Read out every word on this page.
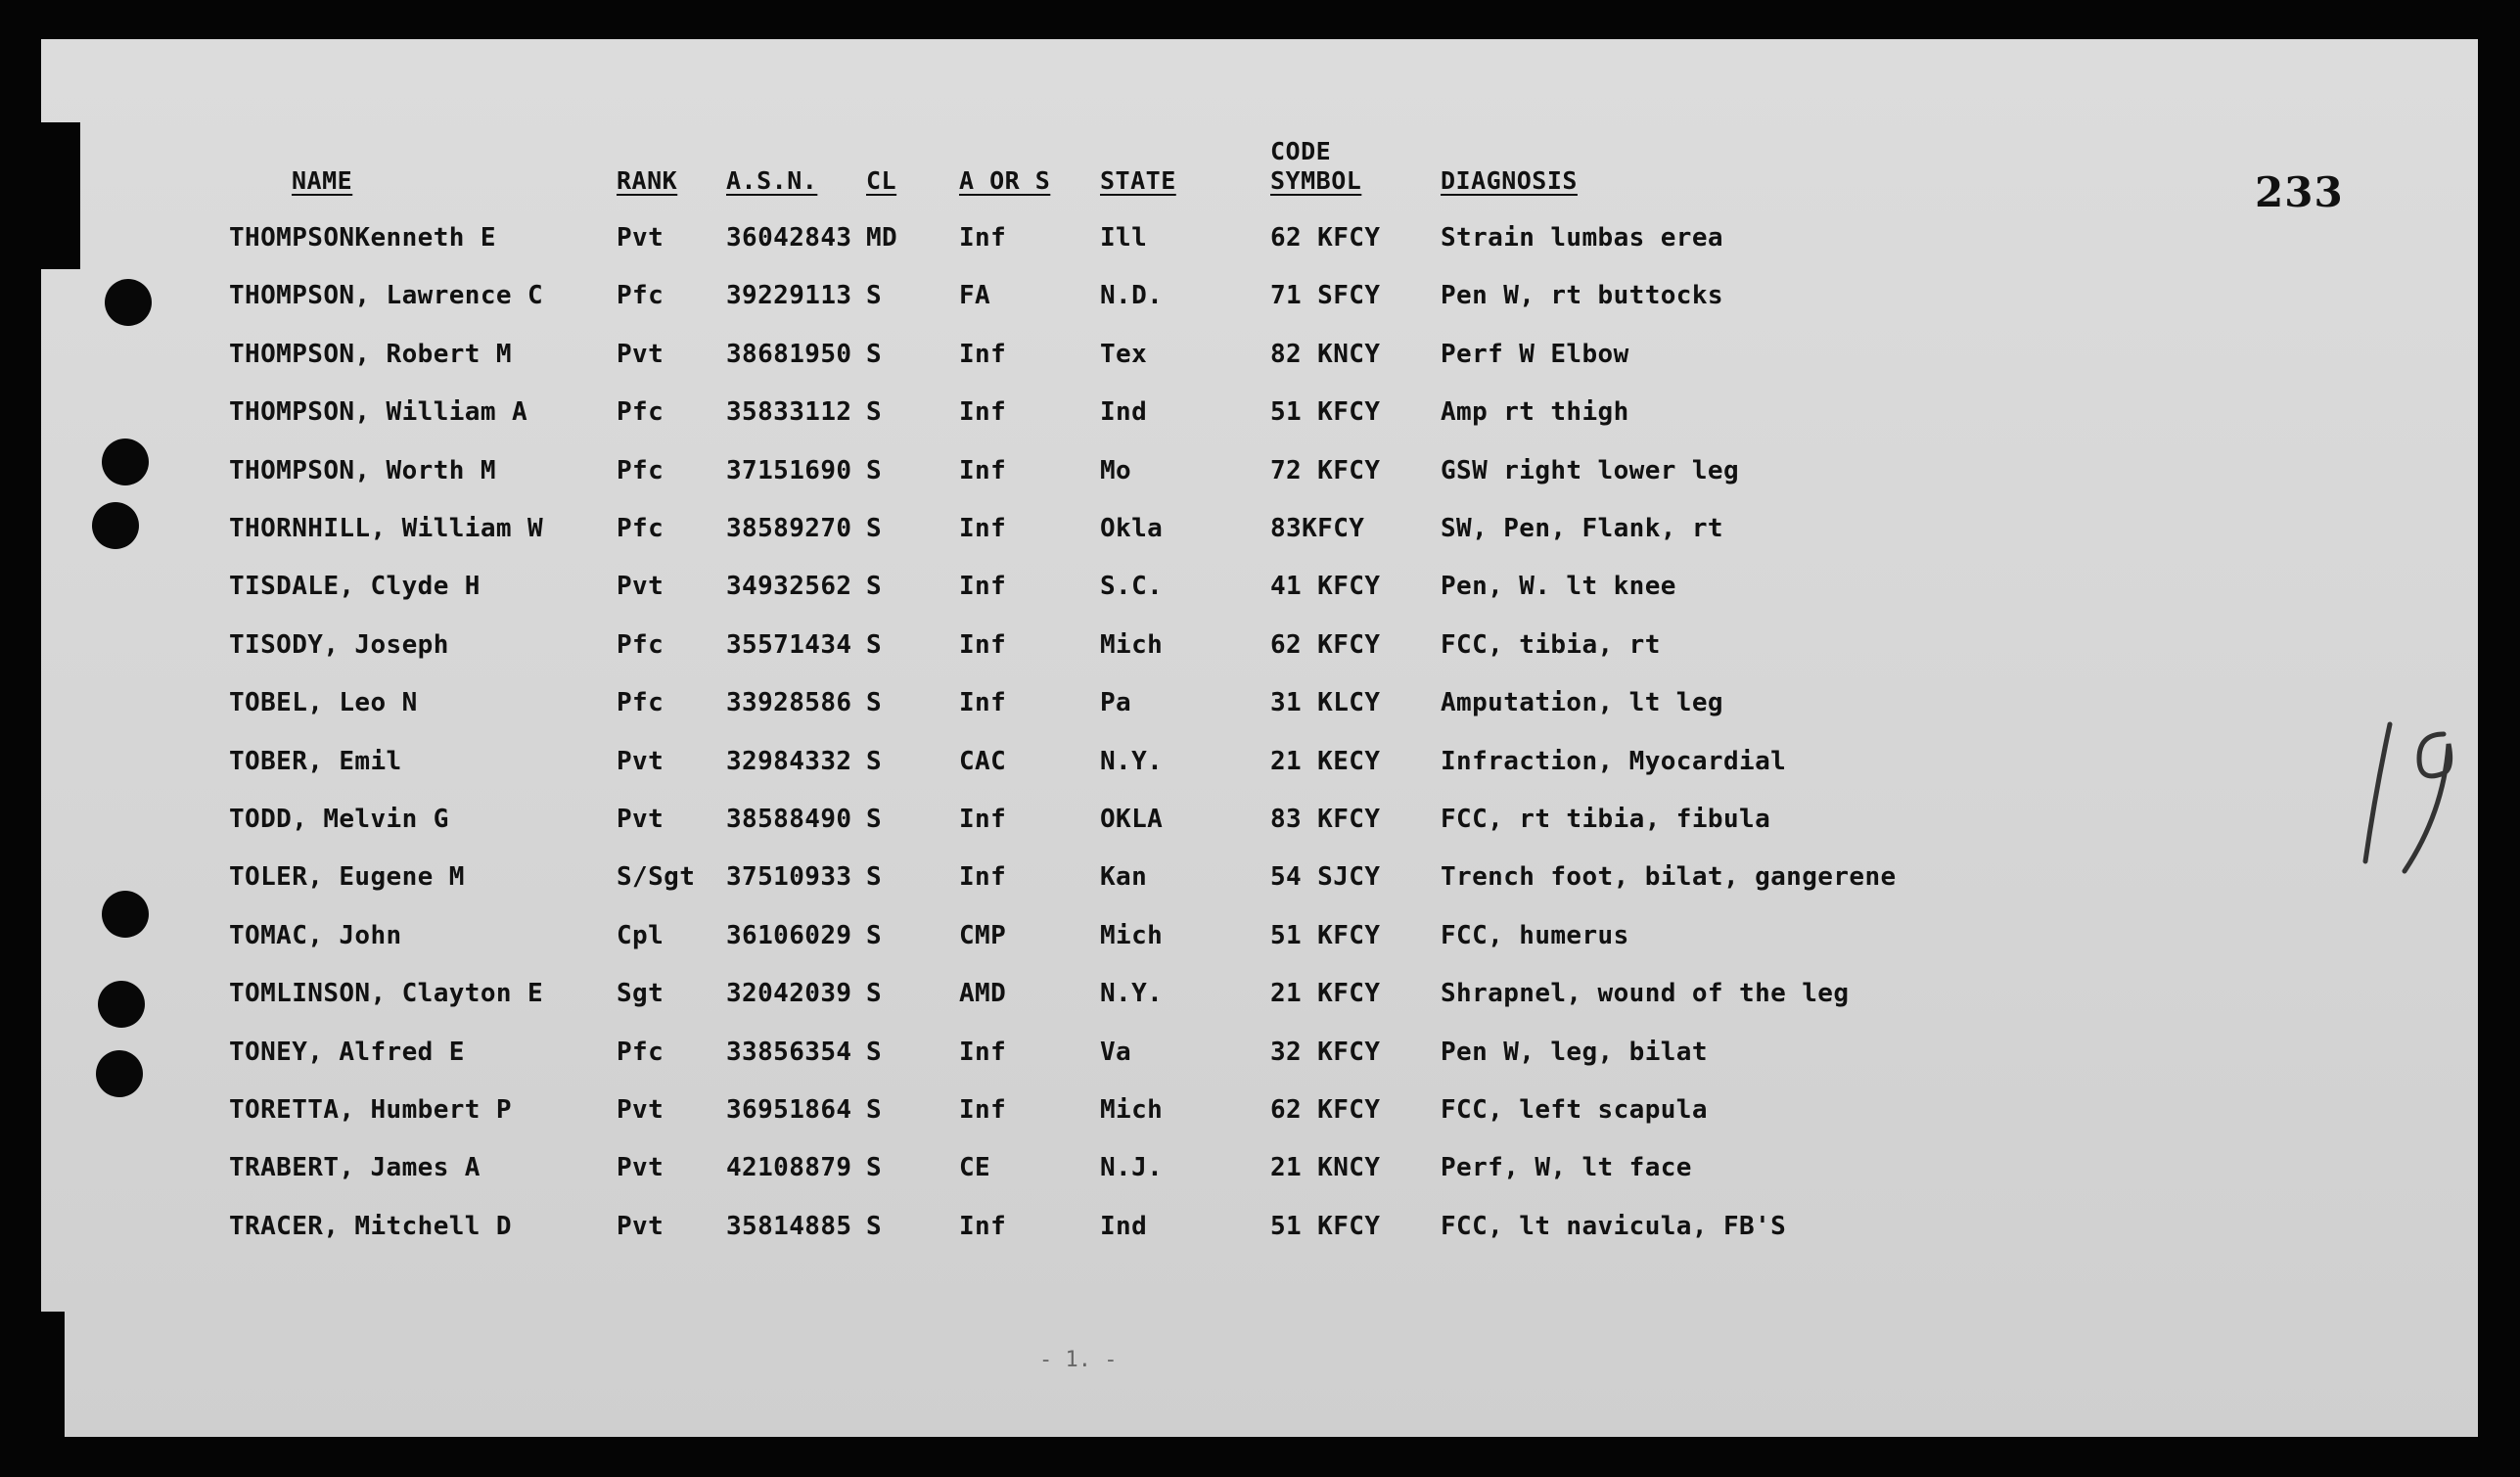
NAME	RANK A.S.N. CL	A OR S STATE
CODE
SYMBOL	DIAGNOSIS	233
THOMPSONKenneth E	Pvt 36042843 MD Inf	Ill	62 KFCY Strain lumbas erea
THOMPSON, Lawrence C	Pfc 39229113 S	FA	N.D.	71 SFCY Pen W, rt buttocks
THOMPSON, Robert M	Pvt 38681950 S	Inf	Tex	82 KNCY Perf W Elbow
THOMPSON, William A	Pfc 35833112 S	Inf	Ind	51 KFCY Amp rt thigh
THOMPSON, Worth M	Pfc 37151690 S	Inf	Mo	72 KFCY GSW right lower leg
THORNHILL, William W	Pfc 38589270 S	Inf	Okla	83KFCY	SW, Pen, Flank, rt
TISDALE, Clyde H	Pvt 34932562 S	Inf	S.C.	41 KFCY Pen, W. lt knee
TISODY, Joseph	Pfc 35571434 S	Inf	Mich	62 KFCY FCC, tibia, rt
TOBEL, Leo N	Pfc 33928586 S	Inf	Pa	31 KLCY Amputation, lt leg
TOBER, Emil	Pvt 32984332 S	CAC	N.Y.	21 KECY Infraction, Myocardial
TODD, Melvin G	Pvt 38588490 S	Inf	OKLA	83 KFCY FCC, rt tibia, fibula
TOLER, Eugene M	S/Sgt 37510933 S	Inf	Kan	54 SJCY Trench foot, bilat, gangerene
TOMAC, John	Cpl 36106029 S	CMP	Mich	51 KFCY FCC, humerus
TOMLINSON, Clayton E	Sgt 32042039 S	AMD	N.Y.	21 KFCY Shrapnel, wound of the leg
TONEY, Alfred E	Pfc 33856354 S	Inf	Va	32 KFCY Pen W, leg, bilat
TORETTA, Humbert P	Pvt 36951864 S	Inf	Mich	62 KFCY FCC, left scapula
TRABERT, James A	Pvt 42108879 S	CE	N.J.	21 KNCY Perf, W, lt face
TRACER, Mitchell D	Pvt 35814885 S	Inf	Ind	51 KFCY FCC, lt navicula, FB'S
- 1. -
